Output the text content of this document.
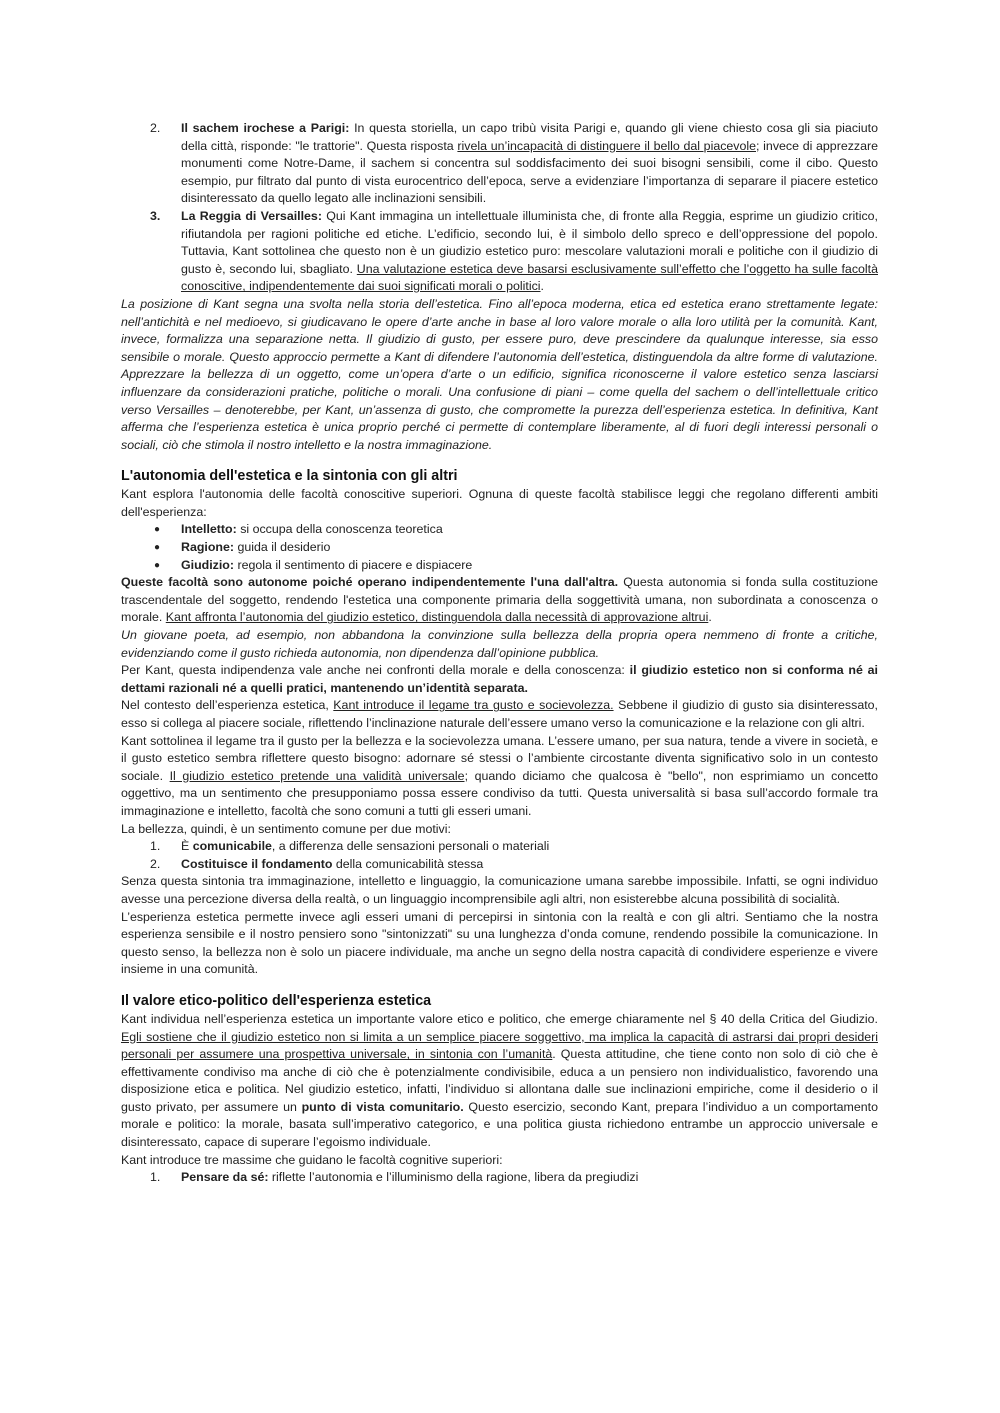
2. Il sachem irochese a Parigi: In questa storiella, un capo tribù visita Parigi e, quando gli viene chiesto cosa gli sia piaciuto della città, risponde: "le trattorie". Questa risposta rivela un’incapacità di distinguere il bello dal piacevole; invece di apprezzare monumenti come Notre-Dame, il sachem si concentra sul soddisfacimento dei suoi bisogni sensibili, come il cibo. Questo esempio, pur filtrato dal punto di vista eurocentrico dell’epoca, serve a evidenziare l’importanza di separare il piacere estetico disinteressato da quello legato alle inclinazioni sensibili.
3. La Reggia di Versailles: Qui Kant immagina un intellettuale illuminista che, di fronte alla Reggia, esprime un giudizio critico, rifiutandola per ragioni politiche ed etiche. L’edificio, secondo lui, è il simbolo dello spreco e dell’oppressione del popolo. Tuttavia, Kant sottolinea che questo non è un giudizio estetico puro: mescolare valutazioni morali e politiche con il giudizio di gusto è, secondo lui, sbagliato. Una valutazione estetica deve basarsi esclusivamente sull’effetto che l’oggetto ha sulle facoltà conoscitive, indipendentemente dai suoi significati morali o politici.

La posizione di Kant segna una svolta nella storia dell’estetica. Fino all’epoca moderna, etica ed estetica erano strettamente legate: nell’antichità e nel medioevo, si giudicavano le opere d’arte anche in base al loro valore morale o alla loro utilità per la comunità. Kant, invece, formalizza una separazione netta. Il giudizio di gusto, per essere puro, deve prescindere da qualunque interesse, sia esso sensibile o morale. Questo approccio permette a Kant di difendere l’autonomia dell’estetica, distinguendola da altre forme di valutazione. Apprezzare la bellezza di un oggetto, come un’opera d’arte o un edificio, significa riconoscerne il valore estetico senza lasciarsi influenzare da considerazioni pratiche, politiche o morali. Una confusione di piani – come quella del sachem o dell’intellettuale critico verso Versailles – denoterebbe, per Kant, un’assenza di gusto, che compromette la purezza dell’esperienza estetica. In definitiva, Kant afferma che l’esperienza estetica è unica proprio perché ci permette di contemplare liberamente, al di fuori degli interessi personali o sociali, ciò che stimola il nostro intelletto e la nostra immaginazione.

L'autonomia dell'estetica e la sintonia con gli altri

Kant esplora l'autonomia delle facoltà conoscitive superiori. Ognuna di queste facoltà stabilisce leggi che regolano differenti ambiti dell'esperienza:

● Intelletto: si occupa della conoscenza teoretica
● Ragione: guida il desiderio
● Giudizio: regola il sentimento di piacere e dispiacere

Queste facoltà sono autonome poiché operano indipendentemente l'una dall'altra. Questa autonomia si fonda sulla costituzione trascendentale del soggetto, rendendo l'estetica una componente primaria della soggettività umana, non subordinata a conoscenza o morale. Kant affronta l’autonomia del giudizio estetico, distinguendola dalla necessità di approvazione altrui.

Un giovane poeta, ad esempio, non abbandona la convinzione sulla bellezza della propria opera nemmeno di fronte a critiche, evidenziando come il gusto richieda autonomia, non dipendenza dall’opinione pubblica.

Per Kant, questa indipendenza vale anche nei confronti della morale e della conoscenza: il giudizio estetico non si conforma né ai dettami razionali né a quelli pratici, mantenendo un’identità separata.

Nel contesto dell’esperienza estetica, Kant introduce il legame tra gusto e socievolezza. Sebbene il giudizio di gusto sia disinteressato, esso si collega al piacere sociale, riflettendo l’inclinazione naturale dell’essere umano verso la comunicazione e la relazione con gli altri.

Kant sottolinea il legame tra il gusto per la bellezza e la socievolezza umana. L’essere umano, per sua natura, tende a vivere in società, e il gusto estetico sembra riflettere questo bisogno: adornare sé stessi o l’ambiente circostante diventa significativo solo in un contesto sociale. Il giudizio estetico pretende una validità universale; quando diciamo che qualcosa è "bello", non esprimiamo un concetto oggettivo, ma un sentimento che presupponiamo possa essere condiviso da tutti. Questa universalità si basa sull’accordo formale tra immaginazione e intelletto, facoltà che sono comuni a tutti gli esseri umani.

La bellezza, quindi, è un sentimento comune per due motivi:

1. È comunicabile, a differenza delle sensazioni personali o materiali
2. Costituisce il fondamento della comunicabilità stessa

Senza questa sintonia tra immaginazione, intelletto e linguaggio, la comunicazione umana sarebbe impossibile. Infatti, se ogni individuo avesse una percezione diversa della realtà, o un linguaggio incomprensibile agli altri, non esisterebbe alcuna possibilità di socialità.

L’esperienza estetica permette invece agli esseri umani di percepirsi in sintonia con la realtà e con gli altri. Sentiamo che la nostra esperienza sensibile e il nostro pensiero sono "sintonizzati" su una lunghezza d’onda comune, rendendo possibile la comunicazione. In questo senso, la bellezza non è solo un piacere individuale, ma anche un segno della nostra capacità di condividere esperienze e vivere insieme in una comunità.

Il valore etico-politico dell'esperienza estetica

Kant individua nell’esperienza estetica un importante valore etico e politico, che emerge chiaramente nel § 40 della Critica del Giudizio. Egli sostiene che il giudizio estetico non si limita a un semplice piacere soggettivo, ma implica la capacità di astrarsi dai propri desideri personali per assumere una prospettiva universale, in sintonia con l’umanità. Questa attitudine, che tiene conto non solo di ciò che è effettivamente condiviso ma anche di ciò che è potenzialmente condivisibile, educa a un pensiero non individualistico, favorendo una disposizione etica e politica. Nel giudizio estetico, infatti, l’individuo si allontana dalle sue inclinazioni empiriche, come il desiderio o il gusto privato, per assumere un punto di vista comunitario. Questo esercizio, secondo Kant, prepara l’individuo a un comportamento morale e politico: la morale, basata sull’imperativo categorico, e una politica giusta richiedono entrambe un approccio universale e disinteressato, capace di superare l’egoismo individuale.

Kant introduce tre massime che guidano le facoltà cognitive superiori:

1. Pensare da sé: riflette l’autonomia e l’illuminismo della ragione, libera da pregiudizi
